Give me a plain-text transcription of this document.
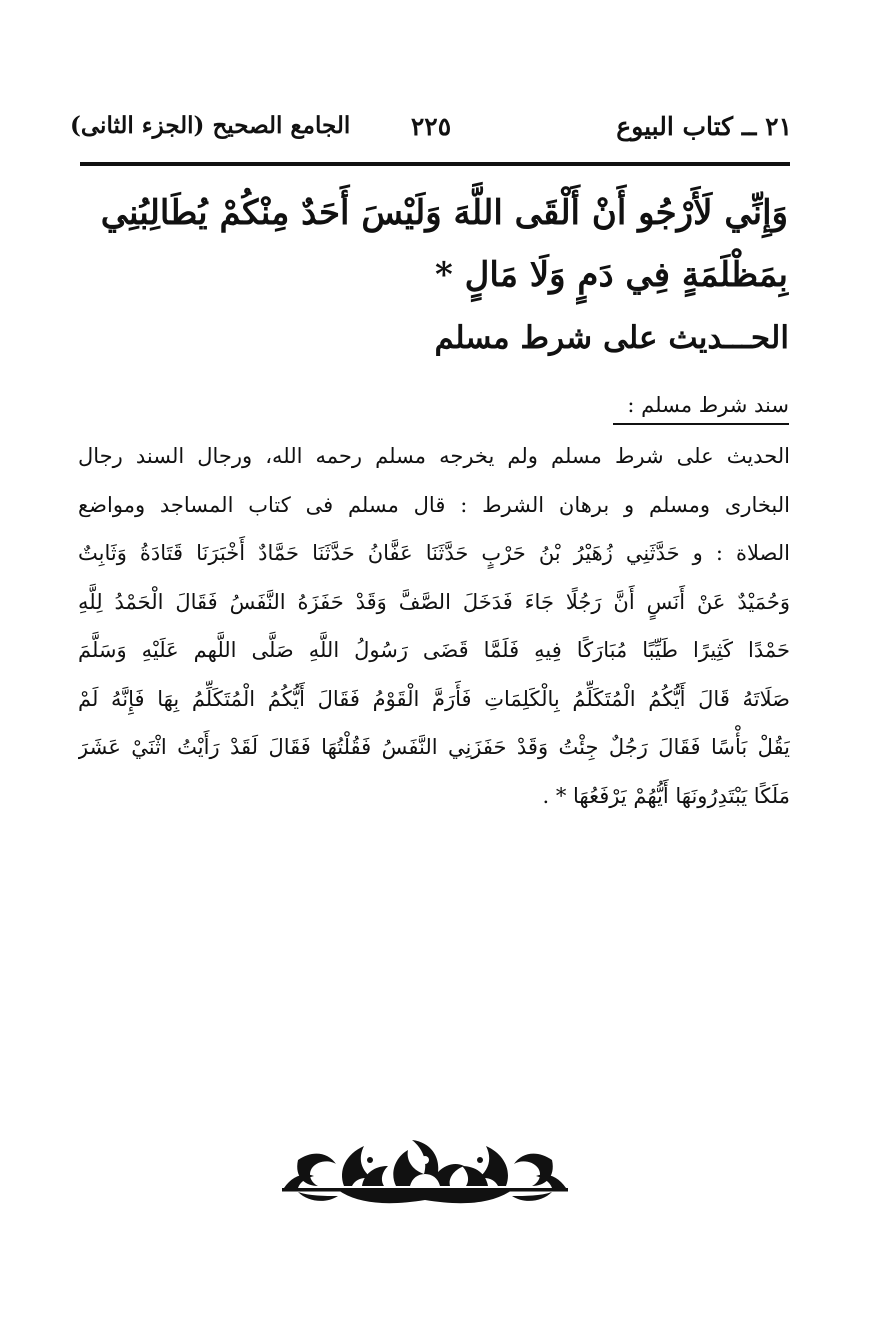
٢١ ــ كتاب البيوع
٢٢٥
الجامع الصحيح (الجزء الثانى)
وَإِنِّي لَأَرْجُو أَنْ أَلْقَى اللَّهَ وَلَيْسَ أَحَدٌ مِنْكُمْ يُطَالِبُنِي بِمَظْلَمَةٍ فِي دَمٍ وَلَا مَالٍ *
الحـــديث على شرط مسلم
سند شرط مسلم :
الحديث على شرط مسلم ولم يخرجه مسلم رحمه الله، ورجال السند رجال
البخارى ومسلم و برهان الشرط : قال مسلم فى كتاب المساجد ومواضع
الصلاة : و حَدَّثَنِي زُهَيْرُ بْنُ حَرْبٍ حَدَّثَنَا عَفَّانُ حَدَّثَنَا حَمَّادٌ أَخْبَرَنَا قَتَادَةُ وَثَابِتٌ
وَحُمَيْدٌ عَنْ أَنَسٍ أَنَّ رَجُلًا جَاءَ فَدَخَلَ الصَّفَّ وَقَدْ حَفَزَهُ النَّفَسُ فَقَالَ الْحَمْدُ لِلَّهِ
حَمْدًا كَثِيرًا طَيِّبًا مُبَارَكًا فِيهِ فَلَمَّا قَضَى رَسُولُ اللَّهِ صَلَّى اللَّهم عَلَيْهِ وَسَلَّمَ
صَلَاتَهُ قَالَ أَيُّكُمُ الْمُتَكَلِّمُ بِالْكَلِمَاتِ فَأَرَمَّ الْقَوْمُ فَقَالَ أَيُّكُمُ الْمُتَكَلِّمُ بِهَا فَإِنَّهُ لَمْ
يَقُلْ بَأْسًا فَقَالَ رَجُلٌ جِئْتُ وَقَدْ حَفَزَنِي النَّفَسُ فَقُلْتُهَا فَقَالَ لَقَدْ رَأَيْتُ اثْنَيْ عَشَرَ
مَلَكًا يَبْتَدِرُونَهَا أَيُّهُمْ يَرْفَعُهَا * .
